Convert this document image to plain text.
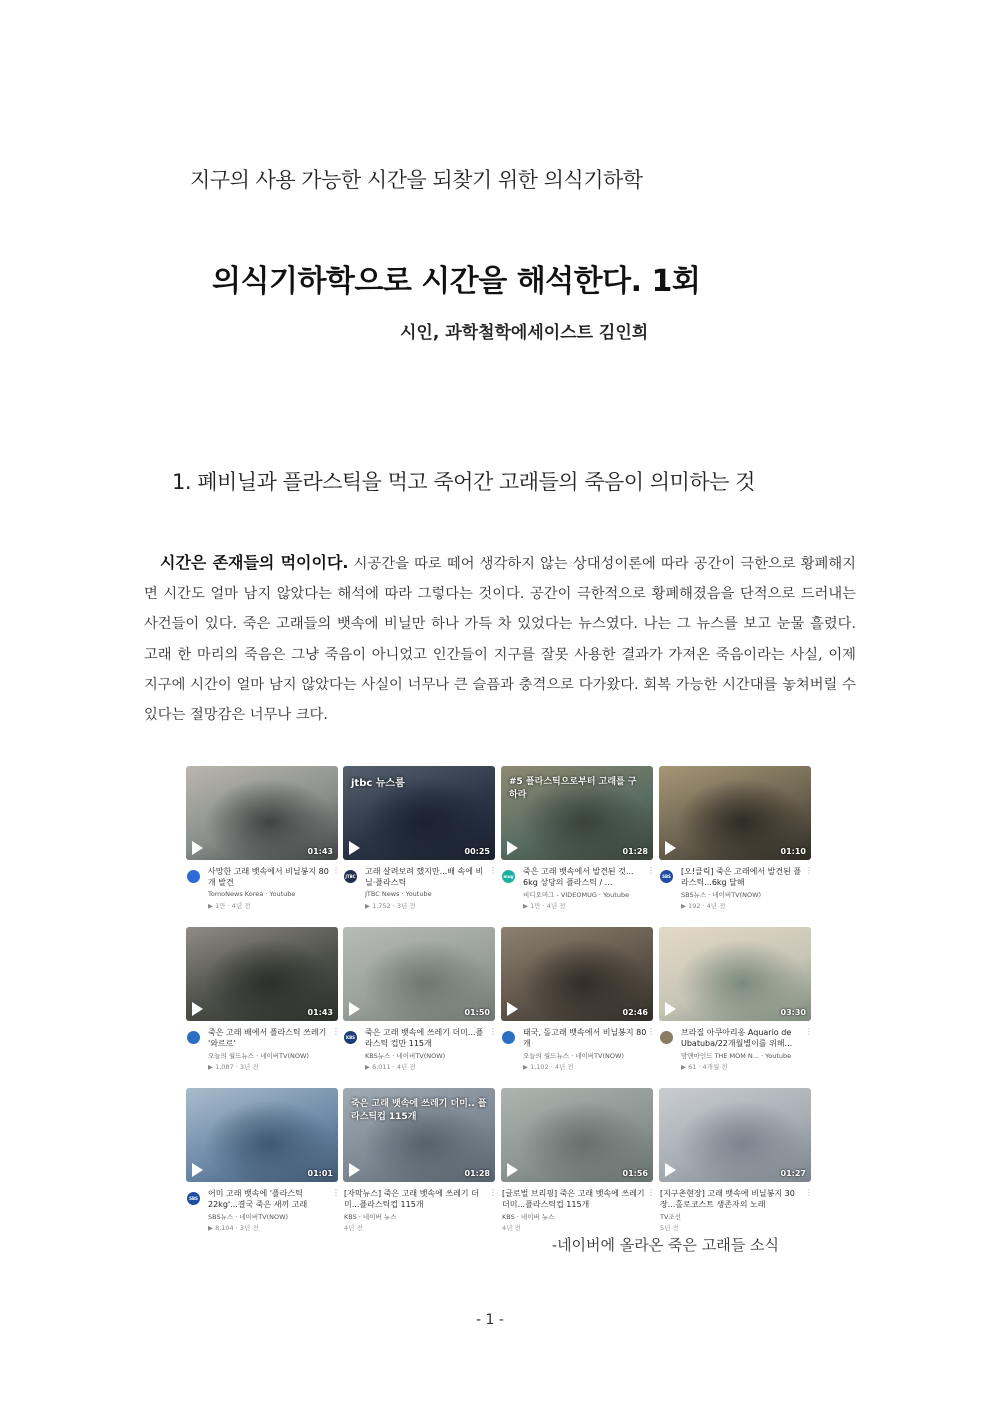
지구의 사용 가능한 시간을 되찾기 위한 의식기하학
의식기하학으로 시간을 해석한다. 1회
시인, 과학철학에세이스트 김인희
1. 폐비닐과 플라스틱을 먹고 죽어간 고래들의 죽음이 의미하는 것
시간은 존재들의 먹이이다. 시공간을 따로 떼어 생각하지 않는 상대성이론에 따라 공간이 극한으로 황폐해지면 시간도 얼마 남지 않았다는 해석에 따라 그렇다는 것이다. 공간이 극한적으로 황폐해졌음을 단적으로 드러내는 사건들이 있다. 죽은 고래들의 뱃속에 비닐만 하나 가득 차 있었다는 뉴스였다. 나는 그 뉴스를 보고 눈물 흘렸다. 고래 한 마리의 죽음은 그냥 죽음이 아니었고 인간들이 지구를 잘못 사용한 결과가 가져온 죽음이라는 사실, 이제 지구에 시간이 얼마 남지 않았다는 사실이 너무나 큰 슬픔과 충격으로 다가왔다. 회복 가능한 시간대를 놓쳐버릴 수 있다는 절망감은 너무나 크다.
01:43
사망한 고래 뱃속에서 비닐봉지 80개 발견
TomoNews Korea · Youtube
▶ 1만 · 4년 전
⋮
jtbc 뉴스룸
00:25
JTBC
고래 살려보려 했지만...배 속에 비닐·플라스틱
JTBC News · Youtube
▶ 1,752 · 3년 전
⋮
#5 플라스틱으로부터 고래를 구하라
01:28
mug
죽은 고래 뱃속에서 발견된 것... 6kg 상당의 플라스틱 / ...
비디오머그 - VIDEOMUG · Youtube
▶ 1만 · 4년 전
⋮
01:10
SBS
[오!클릭] 죽은 고래에서 발견된 플라스틱...6kg 달해
SBS뉴스 · 네이버TV(NOW)
▶ 192 · 4년 전
⋮
01:43
죽은 고래 배에서 플라스틱 쓰레기 '와르르'
오늘의 월드뉴스 · 네이버TV(NOW)
▶ 1,087 · 3년 전
⋮
01:50
KBS
죽은 고래 뱃속에 쓰레기 더미...플라스틱 컵만 115개
KBS뉴스 · 네이버TV(NOW)
▶ 6,011 · 4년 전
⋮
02:46
태국, 돌고래 뱃속에서 비닐봉지 80개
오늘의 월드뉴스 · 네이버TV(NOW)
▶ 1,102 · 4년 전
⋮
03:30
브라질 아쿠아리옹 Aquario de Ubatuba/22개월별이를 위해...
맘앤마인드 THE MOM N... · Youtube
▶ 61 · 4개월 전
⋮
01:01
SBS
어미 고래 뱃속에 '플라스틱 22kg'...결국 죽은 새끼 고래
SBS뉴스 · 네이버TV(NOW)
▶ 8,104 · 3년 전
⋮
죽은 고래 뱃속에 쓰레기 더미.. 플라스틱컵 115개
01:28
[자막뉴스] 죽은 고래 뱃속에 쓰레기 더미...플라스틱컵 115개
KBS · 네이버 뉴스
4년 전
⋮
01:56
[글로벌 브리핑] 죽은 고래 뱃속에 쓰레기 더미...플라스틱컵 115개
KBS · 네이버 뉴스
4년 전
⋮
01:27
[지구촌현장] 고래 뱃속에 비닐봉지 30장...홀로코스트 생존자의 노래
TV조선
5년 전
⋮
-네이버에 올라온 죽은 고래들 소식
- 1 -
